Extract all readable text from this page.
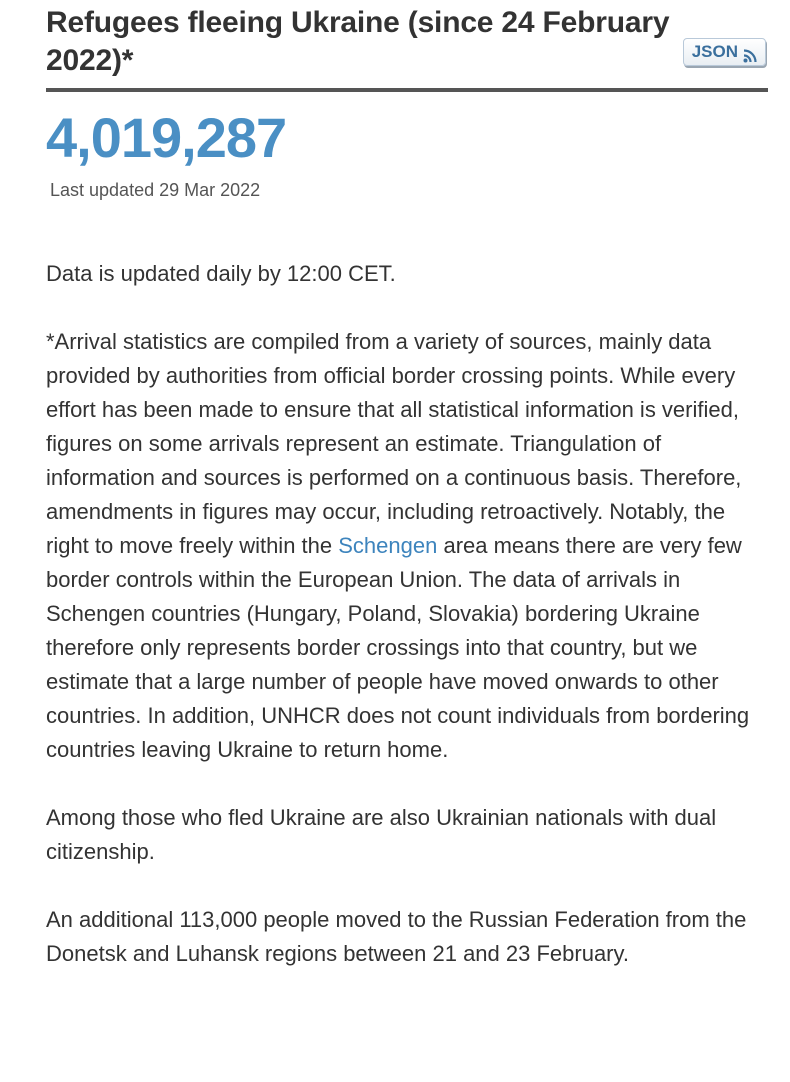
Refugees fleeing Ukraine (since 24 February 2022)*	JSON
4,019,287
Last updated 29 Mar 2022

Data is updated daily by 12:00 CET.

*Arrival statistics are compiled from a variety of sources, mainly data provided by authorities from official border crossing points. While every effort has been made to ensure that all statistical information is verified, figures on some arrivals represent an estimate. Triangulation of information and sources is performed on a continuous basis. Therefore, amendments in figures may occur, including retroactively. Notably, the right to move freely within the Schengen area means there are very few border controls within the European Union. The data of arrivals in Schengen countries (Hungary, Poland, Slovakia) bordering Ukraine therefore only represents border crossings into that country, but we estimate that a large number of people have moved onwards to other countries. In addition, UNHCR does not count individuals from bordering countries leaving Ukraine to return home.

Among those who fled Ukraine are also Ukrainian nationals with dual citizenship.

An additional 113,000 people moved to the Russian Federation from the Donetsk and Luhansk regions between 21 and 23 February.
